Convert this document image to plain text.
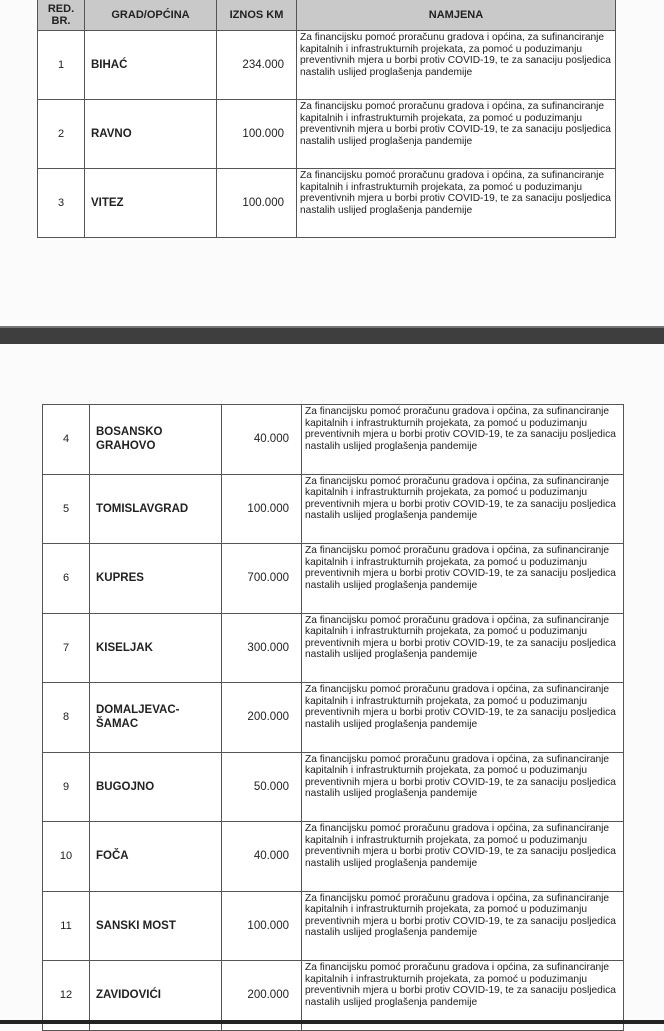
RED. BR.	GRAD/OPĆINA	IZNOS KM	NAMJENA
1	BIHAĆ	234.000	Za financijsku pomoć proračunu gradova i općina, za sufinanciranje kapitalnih i infrastrukturnih projekata, za pomoć u poduzimanju preventivnih mjera u borbi protiv COVID-19, te za sanaciju posljedica nastalih uslijed proglašenja pandemije
2	RAVNO	100.000	Za financijsku pomoć proračunu gradova i općina, za sufinanciranje kapitalnih i infrastrukturnih projekata, za pomoć u poduzimanju preventivnih mjera u borbi protiv COVID-19, te za sanaciju posljedica nastalih uslijed proglašenja pandemije
3	VITEZ	100.000	Za financijsku pomoć proračunu gradova i općina, za sufinanciranje kapitalnih i infrastrukturnih projekata, za pomoć u poduzimanju preventivnih mjera u borbi protiv COVID-19, te za sanaciju posljedica nastalih uslijed proglašenja pandemije
4	BOSANSKO GRAHOVO	40.000	Za financijsku pomoć proračunu gradova i općina, za sufinanciranje kapitalnih i infrastrukturnih projekata, za pomoć u poduzimanju preventivnih mjera u borbi protiv COVID-19, te za sanaciju posljedica nastalih uslijed proglašenja pandemije
5	TOMISLAVGRAD	100.000	Za financijsku pomoć proračunu gradova i općina, za sufinanciranje kapitalnih i infrastrukturnih projekata, za pomoć u poduzimanju preventivnih mjera u borbi protiv COVID-19, te za sanaciju posljedica nastalih uslijed proglašenja pandemije
6	KUPRES	700.000	Za financijsku pomoć proračunu gradova i općina, za sufinanciranje kapitalnih i infrastrukturnih projekata, za pomoć u poduzimanju preventivnih mjera u borbi protiv COVID-19, te za sanaciju posljedica nastalih uslijed proglašenja pandemije
7	KISELJAK	300.000	Za financijsku pomoć proračunu gradova i općina, za sufinanciranje kapitalnih i infrastrukturnih projekata, za pomoć u poduzimanju preventivnih mjera u borbi protiv COVID-19, te za sanaciju posljedica nastalih uslijed proglašenja pandemije
8	DOMALJEVAC-ŠAMAC	200.000	Za financijsku pomoć proračunu gradova i općina, za sufinanciranje kapitalnih i infrastrukturnih projekata, za pomoć u poduzimanju preventivnih mjera u borbi protiv COVID-19, te za sanaciju posljedica nastalih uslijed proglašenja pandemije
9	BUGOJNO	50.000	Za financijsku pomoć proračunu gradova i općina, za sufinanciranje kapitalnih i infrastrukturnih projekata, za pomoć u poduzimanju preventivnih mjera u borbi protiv COVID-19, te za sanaciju posljedica nastalih uslijed proglašenja pandemije
10	FOČA	40.000	Za financijsku pomoć proračunu gradova i općina, za sufinanciranje kapitalnih i infrastrukturnih projekata, za pomoć u poduzimanju preventivnih mjera u borbi protiv COVID-19, te za sanaciju posljedica nastalih uslijed proglašenja pandemije
11	SANSKI MOST	100.000	Za financijsku pomoć proračunu gradova i općina, za sufinanciranje kapitalnih i infrastrukturnih projekata, za pomoć u poduzimanju preventivnih mjera u borbi protiv COVID-19, te za sanaciju posljedica nastalih uslijed proglašenja pandemije
12	ZAVIDOVIĆI	200.000	Za financijsku pomoć proračunu gradova i općina, za sufinanciranje kapitalnih i infrastrukturnih projekata, za pomoć u poduzimanju preventivnih mjera u borbi protiv COVID-19, te za sanaciju posljedica nastalih uslijed proglašenja pandemije
